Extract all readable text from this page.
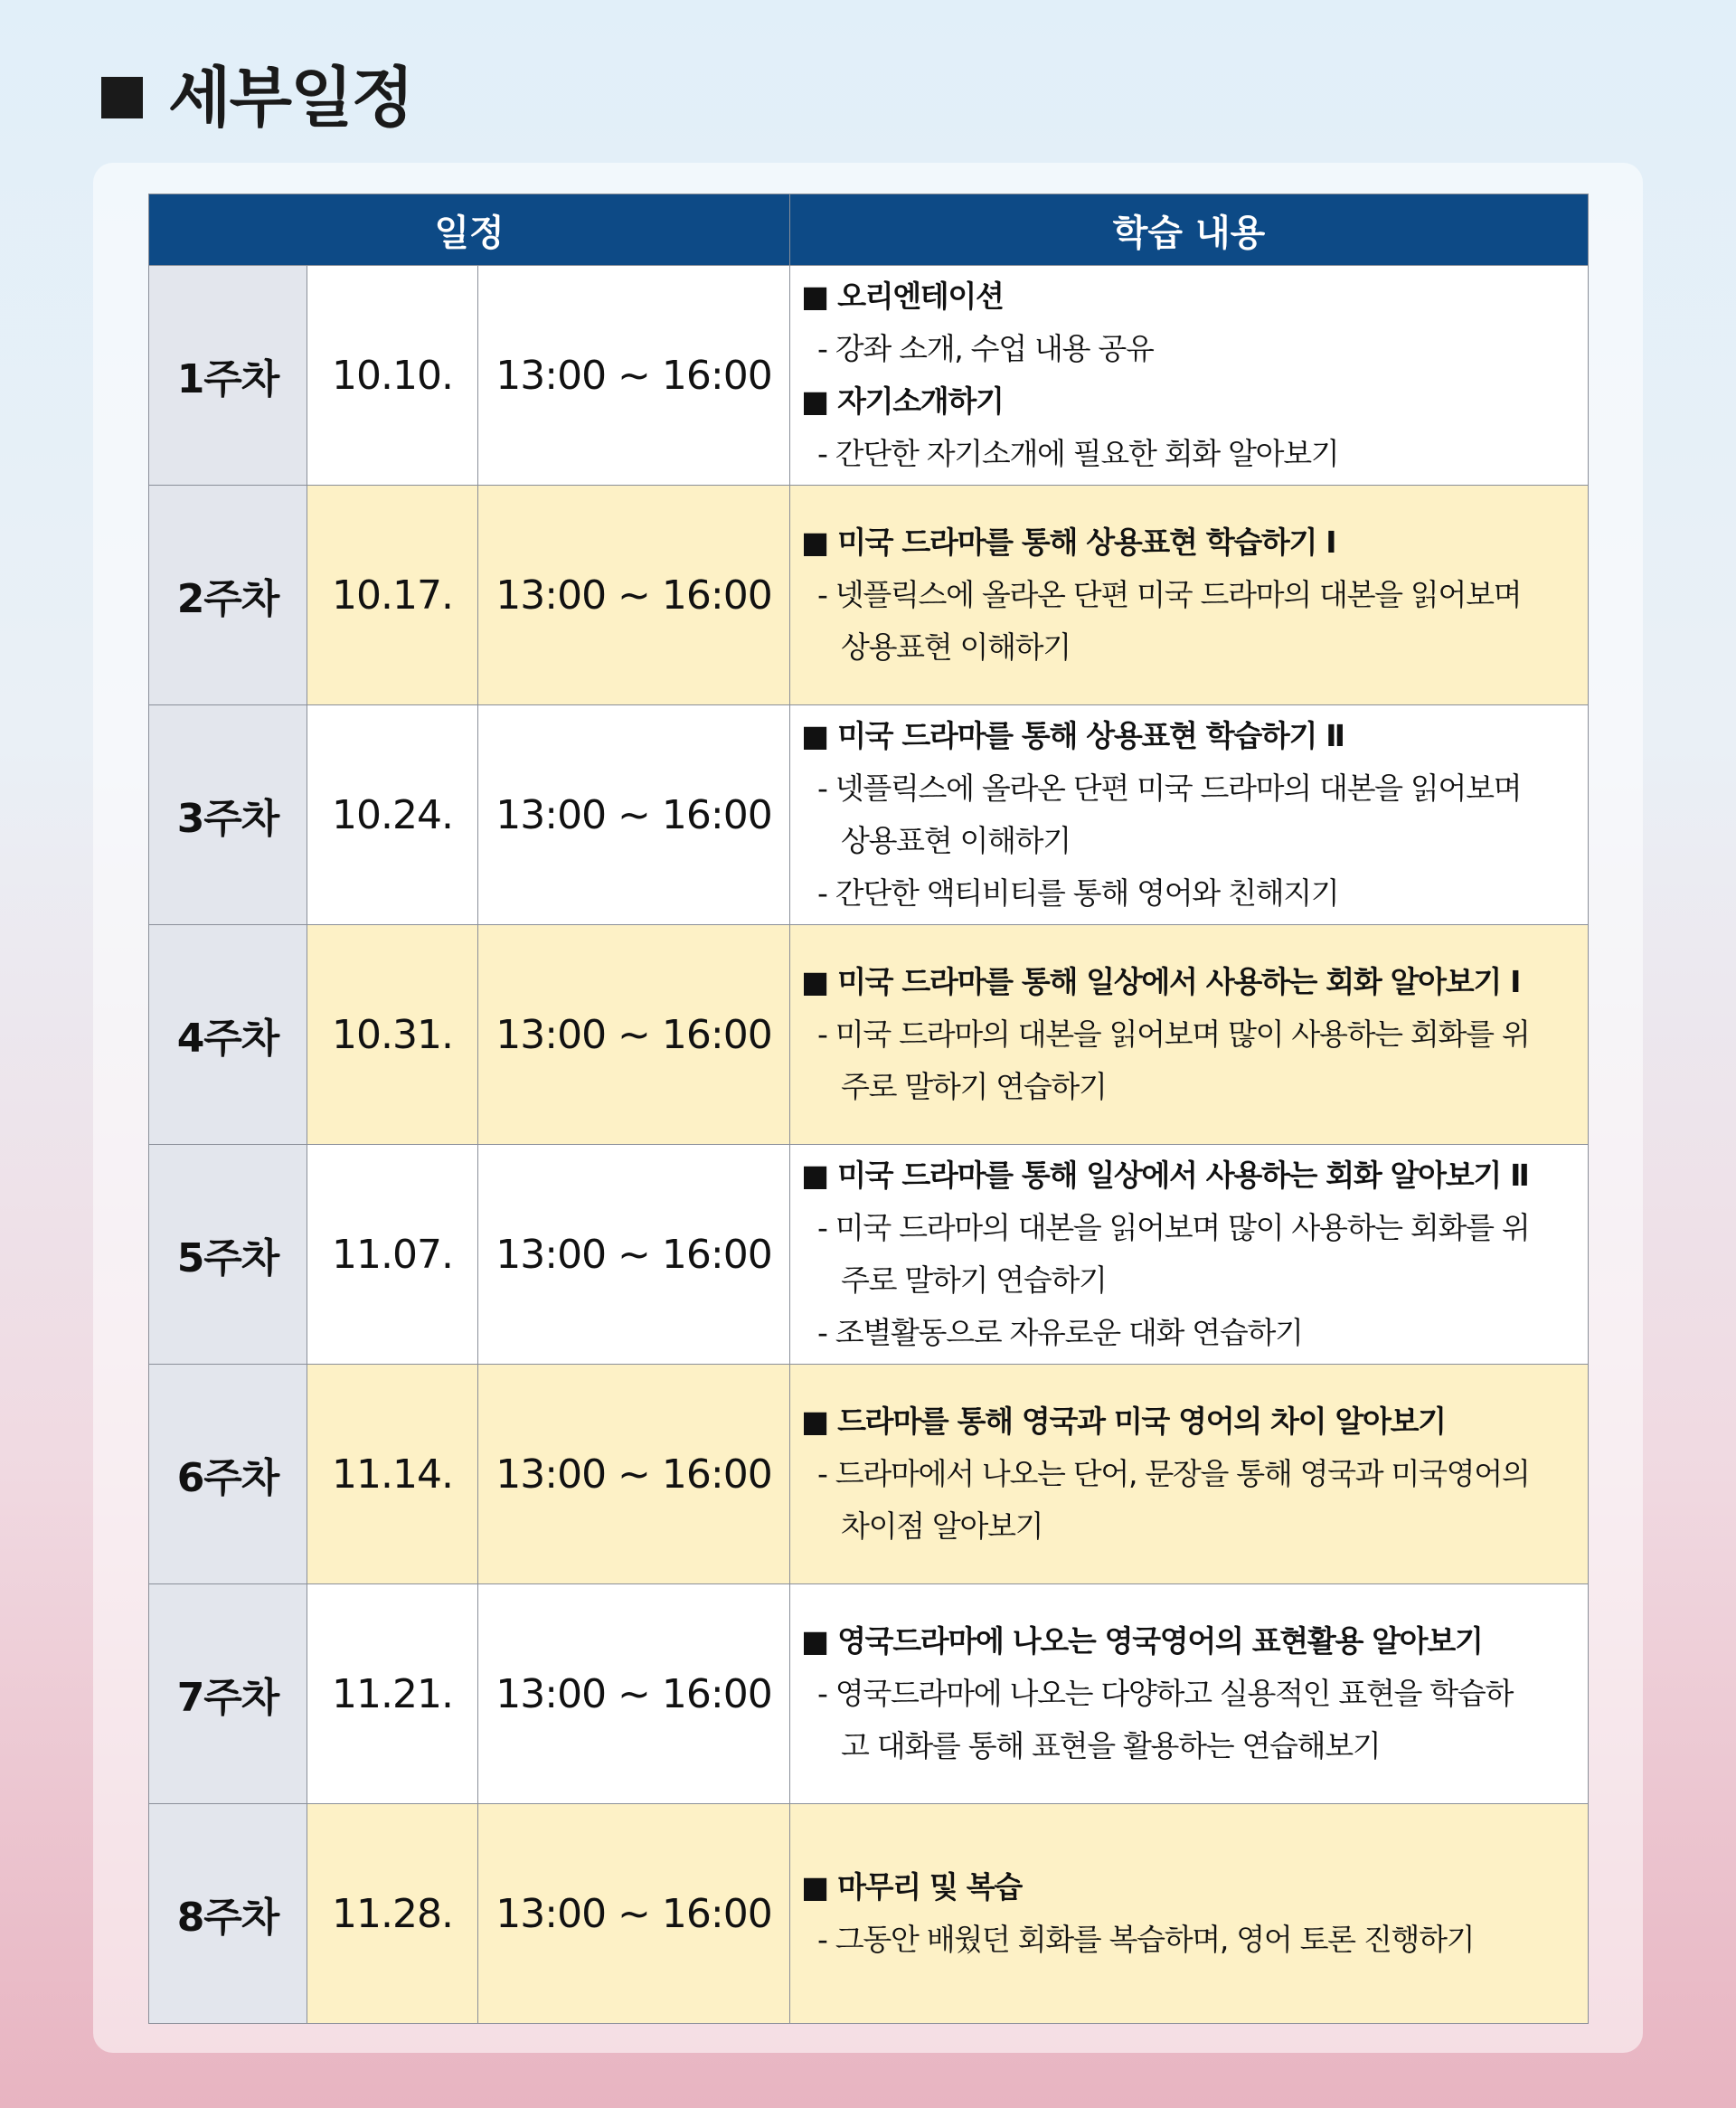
세부일정
일정			학습 내용
1주차	10.10.	13:00 ~ 16:00	■ 오리엔테이션
- 강좌 소개, 수업 내용 공유
■ 자기소개하기
- 간단한 자기소개에 필요한 회화 알아보기

2주차	10.17.	13:00 ~ 16:00	■ 미국 드라마를 통해 상용표현 학습하기 Ⅰ
- 넷플릭스에 올라온 단편 미국 드라마의 대본을 읽어보며
상용표현 이해하기

3주차	10.24.	13:00 ~ 16:00	■ 미국 드라마를 통해 상용표현 학습하기 Ⅱ
- 넷플릭스에 올라온 단편 미국 드라마의 대본을 읽어보며
상용표현 이해하기
- 간단한 액티비티를 통해 영어와 친해지기

4주차	10.31.	13:00 ~ 16:00	■ 미국 드라마를 통해 일상에서 사용하는 회화 알아보기 Ⅰ
- 미국 드라마의 대본을 읽어보며 많이 사용하는 회화를 위
주로 말하기 연습하기

5주차	11.07.	13:00 ~ 16:00	■ 미국 드라마를 통해 일상에서 사용하는 회화 알아보기 Ⅱ
- 미국 드라마의 대본을 읽어보며 많이 사용하는 회화를 위
주로 말하기 연습하기
- 조별활동으로 자유로운 대화 연습하기

6주차	11.14.	13:00 ~ 16:00	■ 드라마를 통해 영국과 미국 영어의 차이 알아보기
- 드라마에서 나오는 단어, 문장을 통해 영국과 미국영어의
차이점 알아보기

7주차	11.21.	13:00 ~ 16:00	■ 영국드라마에 나오는 영국영어의 표현활용 알아보기
- 영국드라마에 나오는 다양하고 실용적인 표현을 학습하
고 대화를 통해 표현을 활용하는 연습해보기

8주차	11.28.	13:00 ~ 16:00	■ 마무리 및 복습
- 그동안 배웠던 회화를 복습하며, 영어 토론 진행하기
